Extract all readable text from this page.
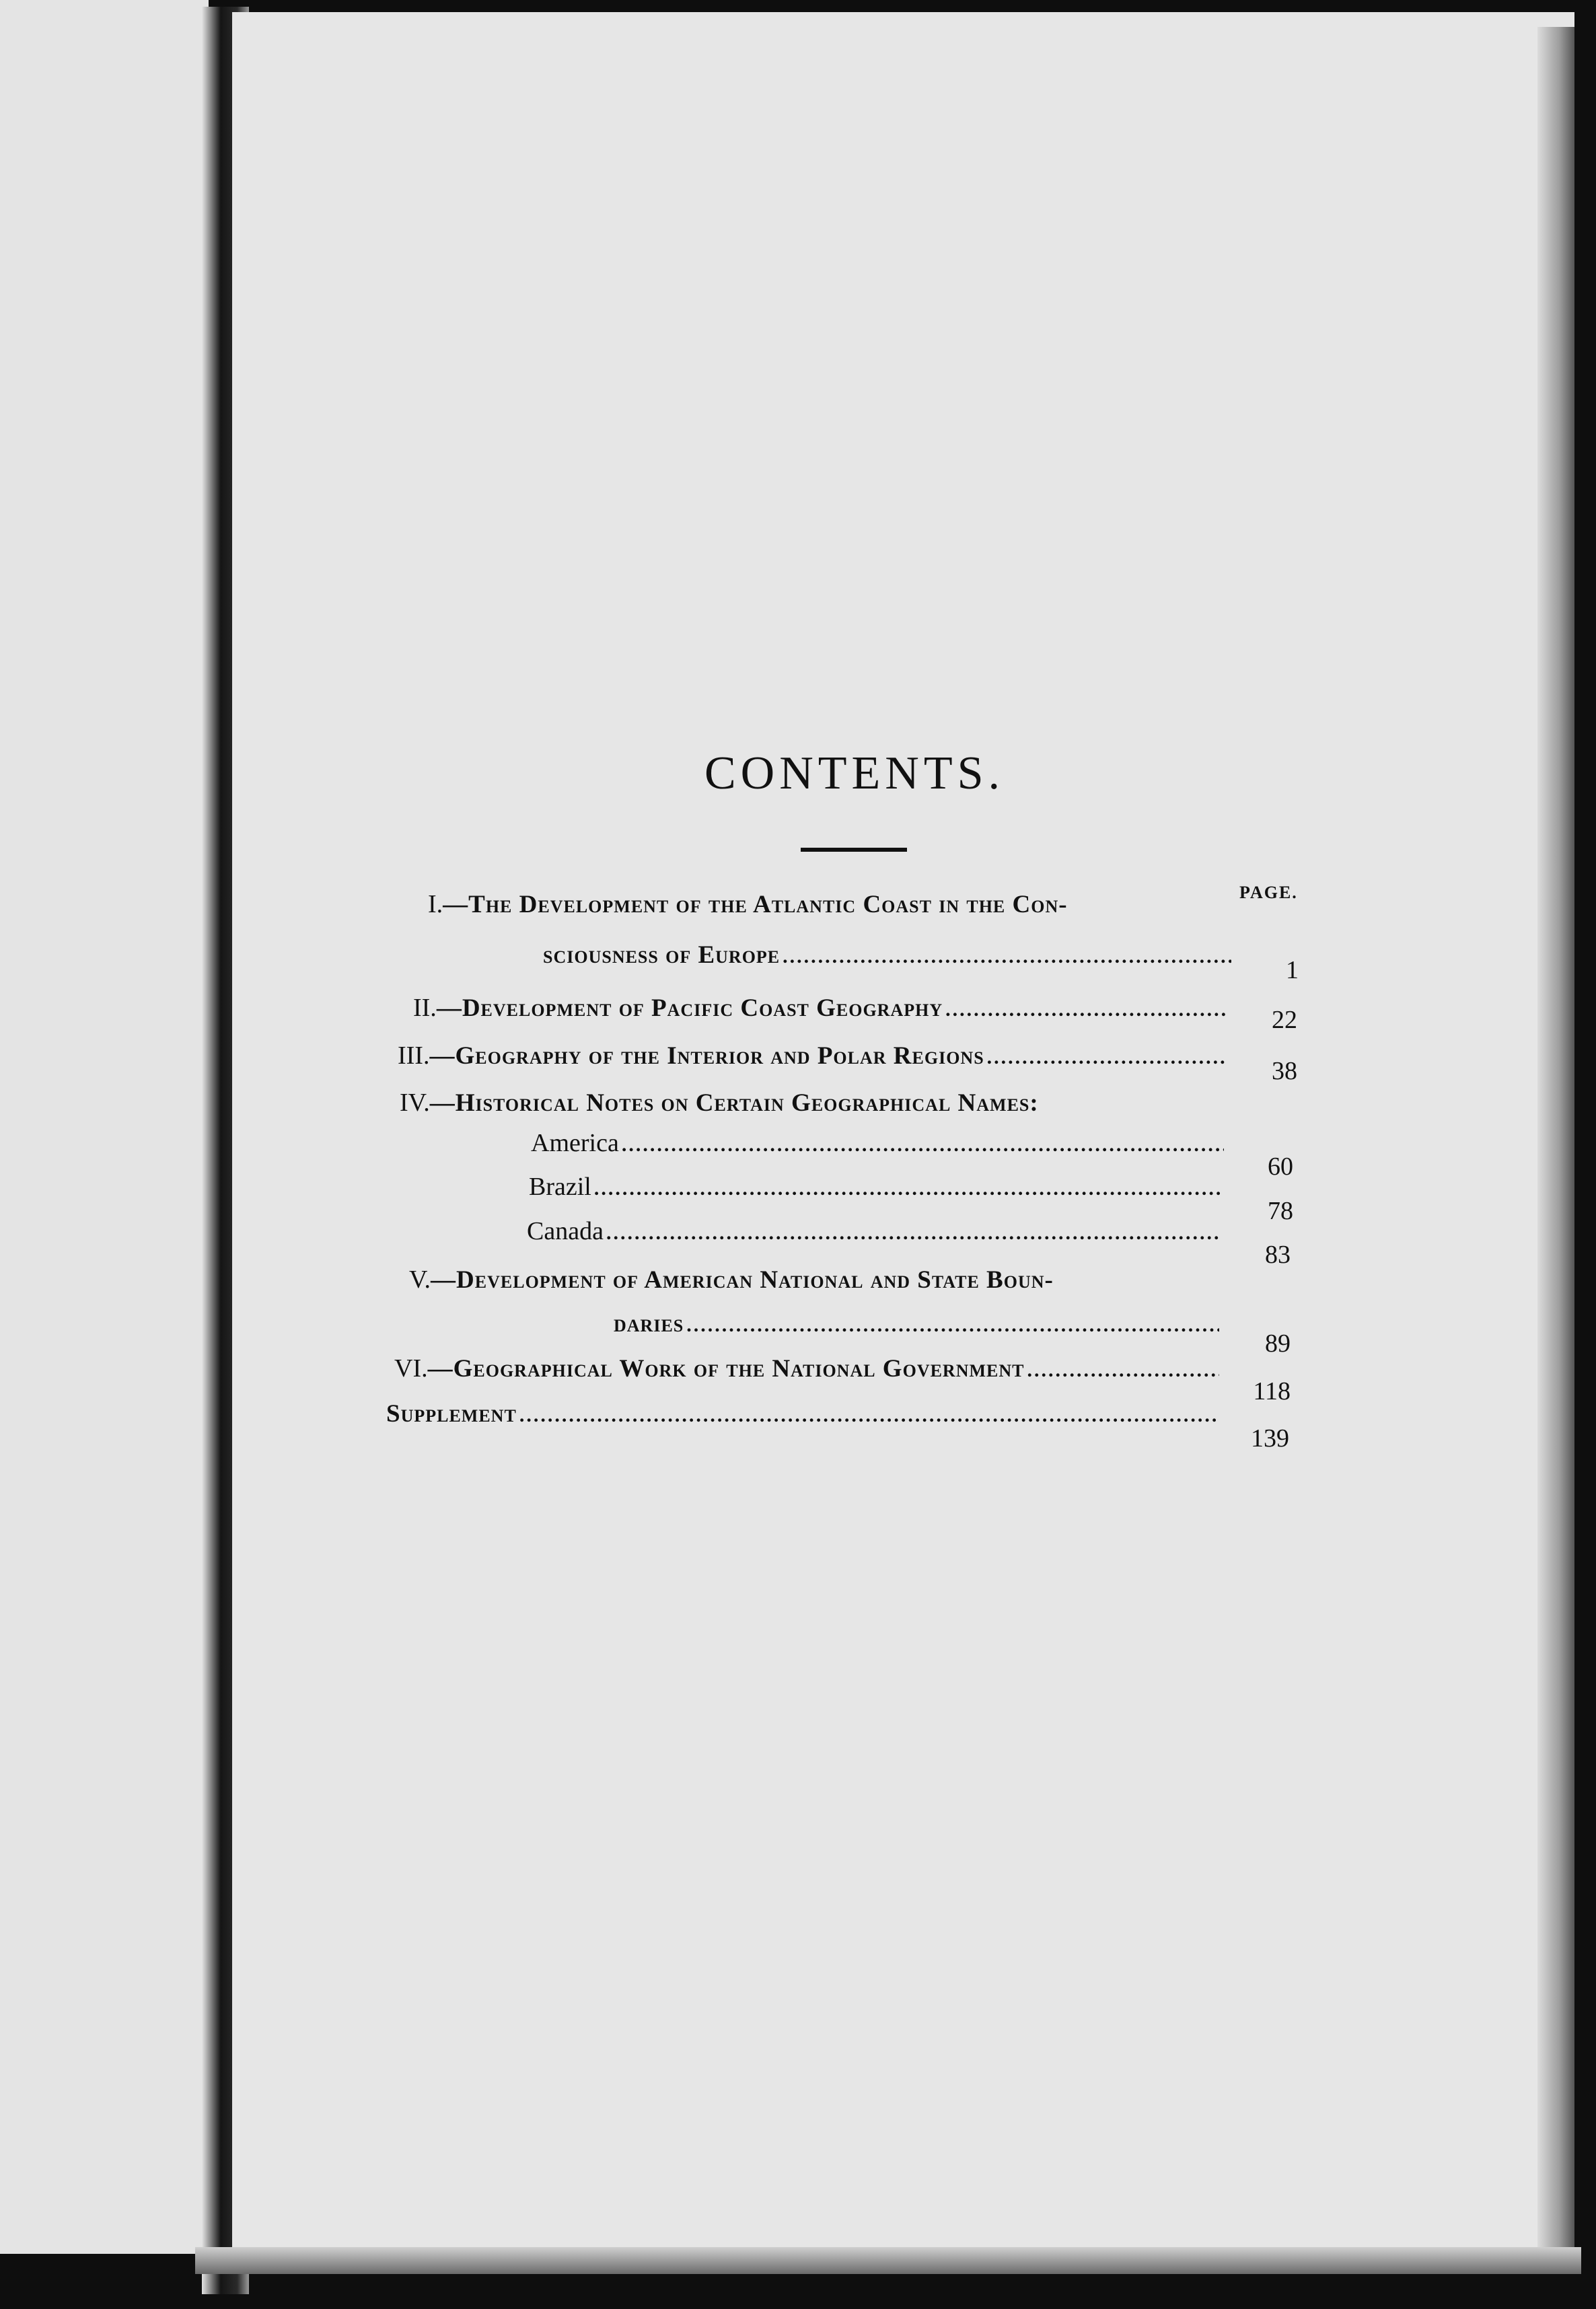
CONTENTS.
PAGE.
I. —The Development of the Atlantic Coast in the Con-
sciousness of Europe
.....
1
II. —Development of Pacific Coast Geography
.....	22
III. —Geography of the Interior and Polar Regions
.....
38
IV. —Historical Notes on Certain Geographical Names:
America
.....
60
Brazil
.....
78
Canada
.....
83
V. —Development of American National and State Boun-
daries
.....
89
VI. —Geographical Work of the National Government
.....
118
Supplement
.....
139
